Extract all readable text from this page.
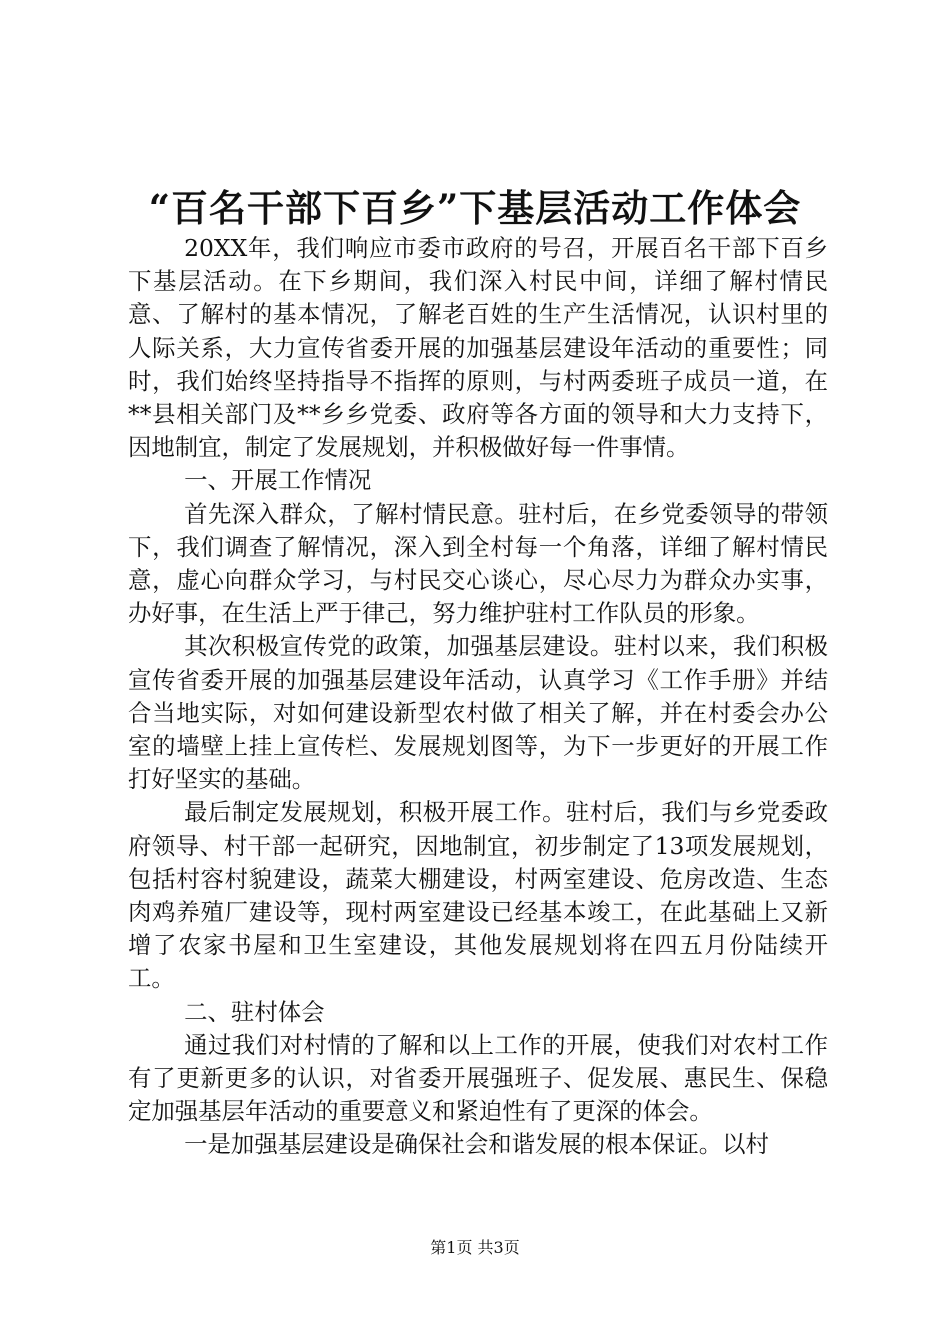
“百名干部下百乡”下基层活动工作体会

20XX年，我们响应市委市政府的号召，开展百名干部下百乡下基层活动。在下乡期间，我们深入村民中间，详细了解村情民意、了解村的基本情况，了解老百姓的生产生活情况，认识村里的人际关系，大力宣传省委开展的加强基层建设年活动的重要性；同时，我们始终坚持指导不指挥的原则，与村两委班子成员一道，在**县相关部门及**乡乡党委、政府等各方面的领导和大力支持下，因地制宜，制定了发展规划，并积极做好每一件事情。

一、开展工作情况

首先深入群众，了解村情民意。驻村后，在乡党委领导的带领下，我们调查了解情况，深入到全村每一个角落，详细了解村情民意，虚心向群众学习，与村民交心谈心，尽心尽力为群众办实事，办好事，在生活上严于律己，努力维护驻村工作队员的形象。

其次积极宣传党的政策，加强基层建设。驻村以来，我们积极宣传省委开展的加强基层建设年活动，认真学习《工作手册》并结合当地实际，对如何建设新型农村做了相关了解，并在村委会办公室的墙壁上挂上宣传栏、发展规划图等，为下一步更好的开展工作打好坚实的基础。

最后制定发展规划，积极开展工作。驻村后，我们与乡党委政府领导、村干部一起研究，因地制宜，初步制定了13项发展规划，包括村容村貌建设，蔬菜大棚建设，村两室建设、危房改造、生态肉鸡养殖厂建设等，现村两室建设已经基本竣工，在此基础上又新增了农家书屋和卫生室建设，其他发展规划将在四五月份陆续开工。

二、驻村体会

通过我们对村情的了解和以上工作的开展，使我们对农村工作有了更新更多的认识，对省委开展强班子、促发展、惠民生、保稳定加强基层年活动的重要意义和紧迫性有了更深的体会。

一是加强基层建设是确保社会和谐发展的根本保证。以村

第1页 共3页
